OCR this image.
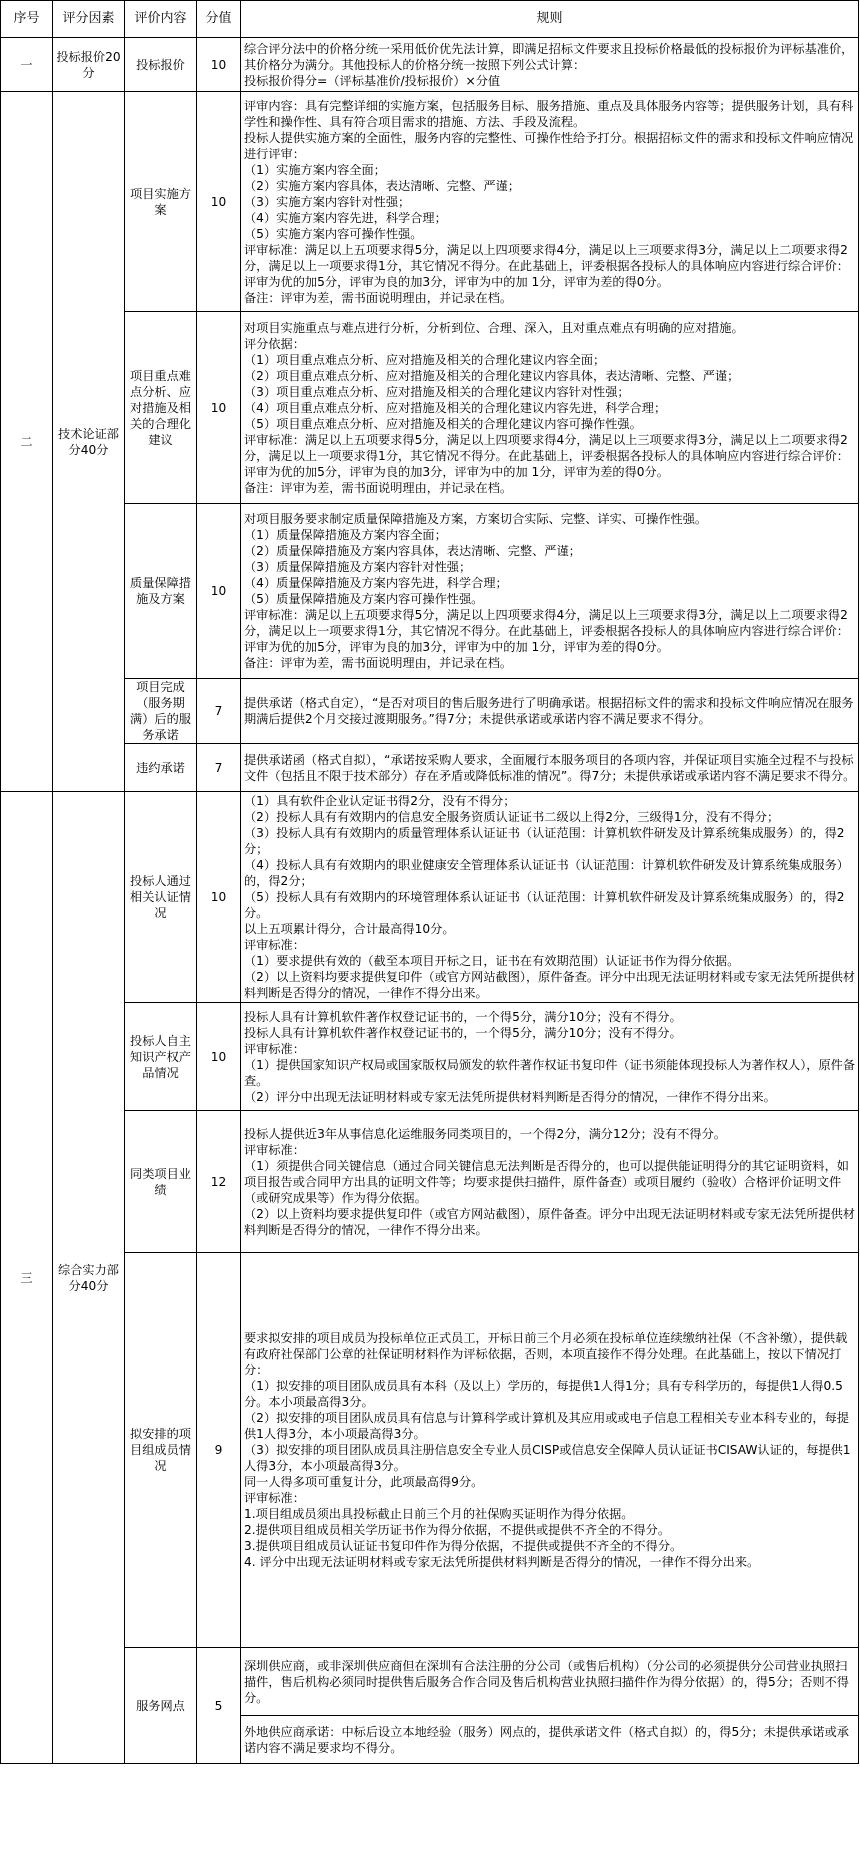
序号	评分因素	评价内容	分值	规则
一	投标报价20分	投标报价	10	综合评分法中的价格分统一采用低价优先法计算，即满足招标文件要求且投标价格最低的投标报价为评标基准价，其价格分为满分。其他投标人的价格分统一按照下列公式计算：
投标报价得分=（评标基准价/投标报价）×分值

二	技术论证部分40分	项目实施方案	10	
评审内容：具有完整详细的实施方案，包括服务目标、服务措施、重点及具体服务内容等；提供服务计划，具有科学性和操作性、具有符合项目需求的措施、方法、手段及流程。
投标人提供实施方案的全面性，服务内容的完整性、可操作性给予打分。根据招标文件的需求和投标文件响应情况进行评审：
（1）实施方案内容全面；
（2）实施方案内容具体，表达清晰、完整、严谨；
（3）实施方案内容针对性强；
（4）实施方案内容先进，科学合理；
（5）实施方案内容可操作性强。
评审标准：满足以上五项要求得5分，满足以上四项要求得4分，满足以上三项要求得3分，满足以上二项要求得2分，满足以上一项要求得1分，其它情况不得分。在此基础上，评委根据各投标人的具体响应内容进行综合评价：评审为优的加5分，评审为良的加3分，评审为中的加 1分，评审为差的得0分。
备注：评审为差，需书面说明理由，并记录在档。

项目重点难点分析、应对措施及相关的合理化建议	10	
对项目实施重点与难点进行分析，分析到位、合理、深入，且对重点难点有明确的应对措施。
评分依据：
（1）项目重点难点分析、应对措施及相关的合理化建议内容全面；
（2）项目重点难点分析、应对措施及相关的合理化建议内容具体，表达清晰、完整、严谨；
（3）项目重点难点分析、应对措施及相关的合理化建议内容针对性强；
（4）项目重点难点分析、应对措施及相关的合理化建议内容先进，科学合理；
（5）项目重点难点分析、应对措施及相关的合理化建议内容可操作性强。
评审标准：满足以上五项要求得5分，满足以上四项要求得4分，满足以上三项要求得3分，满足以上二项要求得2分，满足以上一项要求得1分，其它情况不得分。在此基础上，评委根据各投标人的具体响应内容进行综合评价：评审为优的加5分，评审为良的加3分，评审为中的加 1分，评审为差的得0分。
备注：评审为差，需书面说明理由，并记录在档。

质量保障措施及方案	10	
对项目服务要求制定质量保障措施及方案，方案切合实际、完整、详实、可操作性强。
（1）质量保障措施及方案内容全面；
（2）质量保障措施及方案内容具体，表达清晰、完整、严谨；
（3）质量保障措施及方案内容针对性强；
（4）质量保障措施及方案内容先进，科学合理；
（5）质量保障措施及方案内容可操作性强。
评审标准：满足以上五项要求得5分，满足以上四项要求得4分，满足以上三项要求得3分，满足以上二项要求得2分，满足以上一项要求得1分，其它情况不得分。在此基础上，评委根据各投标人的具体响应内容进行综合评价：评审为优的加5分，评审为良的加3分，评审为中的加 1分，评审为差的得0分。
备注：评审为差，需书面说明理由，并记录在档。

		项目完成（服务期满）后的服务承诺	7	提供承诺（格式自定），“是否对项目的售后服务进行了明确承诺。根据招标文件的需求和投标文件响应情况在服务期满后提供2个月交接过渡期服务。”得7分；未提供承诺或承诺内容不满足要求不得分。

		违约承诺	7	提供承诺函（格式自拟），“承诺按采购人要求，全面履行本服务项目的各项内容，并保证项目实施全过程不与投标文件（包括且不限于技术部分）存在矛盾或降低标准的情况”。得7分；未提供承诺或承诺内容不满足要求不得分。

三	综合实力部分40分	投标人通过相关认证情况	10	
（1）具有软件企业认定证书得2分，没有不得分；
（2）投标人具有有效期内的信息安全服务资质认证证书二级以上得2分，三级得1分，没有不得分；
（3）投标人具有有效期内的质量管理体系认证证书（认证范围：计算机软件研发及计算系统集成服务）的，得2分；
（4）投标人具有有效期内的职业健康安全管理体系认证证书（认证范围：计算机软件研发及计算系统集成服务）的，得2分；
（5）投标人具有有效期内的环境管理体系认证证书（认证范围：计算机软件研发及计算系统集成服务）的，得2分。
以上五项累计得分，合计最高得10分。
评审标准：
（1）要求提供有效的（截至本项目开标之日，证书在有效期范围）认证证书作为得分依据。
（2）以上资料均要求提供复印件（或官方网站截图），原件备查。评分中出现无法证明材料或专家无法凭所提供材料判断是否得分的情况，一律作不得分出来。

		投标人自主知识产权产品情况	10	投标人具有计算机软件著作权登记证书的，一个得5分，满分10分；没有不得分。
投标人具有计算机软件著作权登记证书的，一个得5分，满分10分；没有不得分。
评审标准：
（1）提供国家知识产权局或国家版权局颁发的软件著作权证书复印件（证书须能体现投标人为著作权人），原件备查。
（2）评分中出现无法证明材料或专家无法凭所提供材料判断是否得分的情况，一律作不得分出来。

		同类项目业绩	12	投标人提供近3年从事信息化运维服务同类项目的，一个得2分，满分12分；没有不得分。
评审标准：
（1）须提供合同关键信息（通过合同关键信息无法判断是否得分的，也可以提供能证明得分的其它证明资料，如项目报告或合同甲方出具的证明文件等；均要求提供扫描件，原件备查）或项目履约（验收）合格评价证明文件（或研究成果等）作为得分依据。
（2）以上资料均要求提供复印件（或官方网站截图），原件备查。评分中出现无法证明材料或专家无法凭所提供材料判断是否得分的情况，一律作不得分出来。

拟安排的项目组成员情况	9	
要求拟安排的项目成员为投标单位正式员工，开标日前三个月必须在投标单位连续缴纳社保（不含补缴），提供载有政府社保部门公章的社保证明材料作为评标依据，否则，本项直接作不得分处理。在此基础上，按以下情况打分：
（1）拟安排的项目团队成员具有本科（及以上）学历的，每提供1人得1分；具有专科学历的，每提供1人得0.5分。本小项最高得3分。
（2）拟安排的项目团队成员具有信息与计算科学或计算机及其应用或或电子信息工程相关专业本科专业的，每提供1人得3分，本小项最高得3分。
（3）拟安排的项目团队成员具注册信息安全专业人员CISP或信息安全保障人员认证证书CISAW认证的，每提供1人得3分，本小项最高得3分。
同一人得多项可重复计分，此项最高得9分。
评审标准：
1.项目组成员须出具投标截止日前三个月的社保购买证明作为得分依据。
2.提供项目组成员相关学历证书作为得分依据，不提供或提供不齐全的不得分。
3.提供项目组成员认证证书复印件作为得分依据，不提供或提供不齐全的不得分。
4. 评分中出现无法证明材料或专家无法凭所提供材料判断是否得分的情况，一律作不得分出来。

		服务网点	5	深圳供应商，或非深圳供应商但在深圳有合法注册的分公司（或售后机构）（分公司的必须提供分公司营业执照扫描件，售后机构必须同时提供售后服务合作合同及售后机构营业执照扫描件作为得分依据）的，得5分；否则不得分。

				外地供应商承诺：中标后设立本地经验（服务）网点的，提供承诺文件（格式自拟）的，得5分；未提供承诺或承诺内容不满足要求均不得分。
